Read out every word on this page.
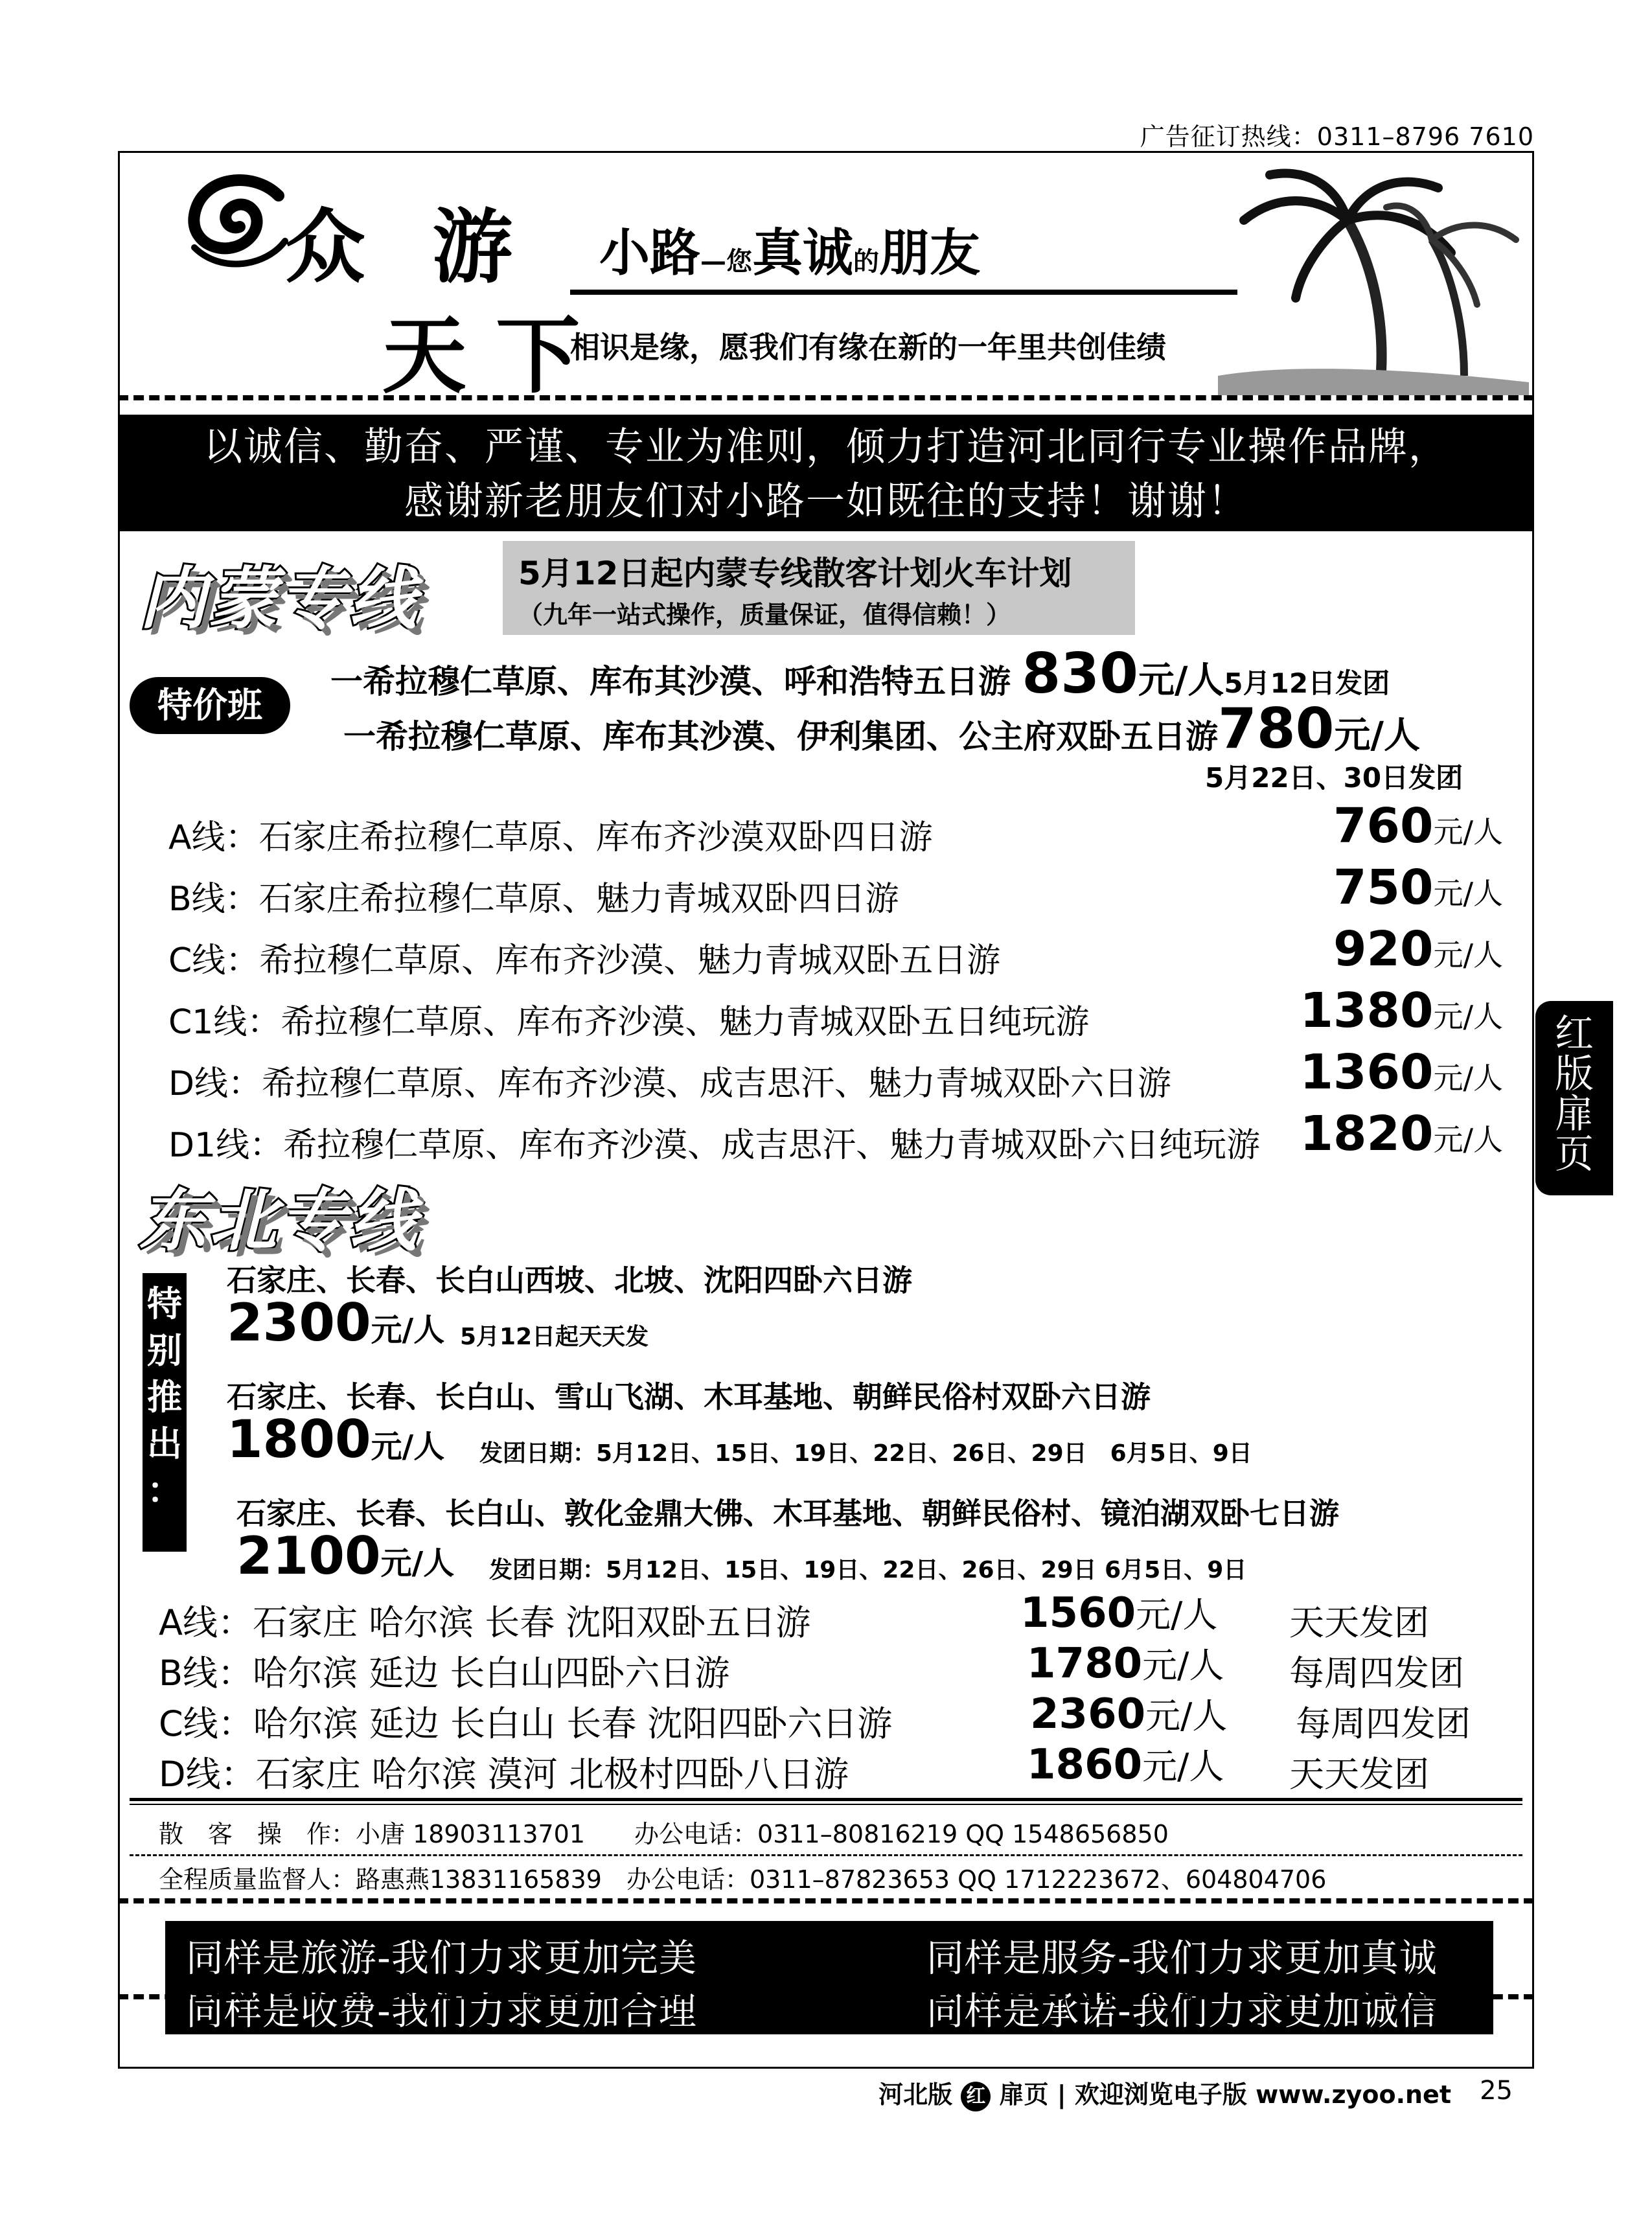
广告征订热线：0311–8796 7610
众 游
天 下
小路—您真诚的朋友
相识是缘，愿我们有缘在新的一年里共创佳绩
以诚信、勤奋、严谨、专业为准则，倾力打造河北同行专业操作品牌，
感谢新老朋友们对小路一如既往的支持！谢谢！
内蒙专线	5月12日起内蒙专线散客计划火车计划
（九年一站式操作，质量保证，值得信赖！）
特价班
一希拉穆仁草原、库布其沙漠、呼和浩特五日游 830元/人5月12日发团
一希拉穆仁草原、库布其沙漠、伊利集团、公主府双卧五日游780元/人
5月22日、30日发团
A线：石家庄希拉穆仁草原、库布齐沙漠双卧四日游	760元/人
B线：石家庄希拉穆仁草原、魅力青城双卧四日游	750元/人
C线：希拉穆仁草原、库布齐沙漠、魅力青城双卧五日游	920元/人
C1线：希拉穆仁草原、库布齐沙漠、魅力青城双卧五日纯玩游	1380元/人
D线：希拉穆仁草原、库布齐沙漠、成吉思汗、魅力青城双卧六日游	1360元/人
D1线：希拉穆仁草原、库布齐沙漠、成吉思汗、魅力青城双卧六日纯玩游 1820元/人
东北专线
特
别
推
出
：
石家庄、长春、长白山西坡、北坡、沈阳四卧六日游
2300元/人 5月12日起天天发
石家庄、长春、长白山、雪山飞湖、木耳基地、朝鲜民俗村双卧六日游
1800元/人 发团日期：5月12日、15日、19日、22日、26日、29日　6月5日、9日
石家庄、长春、长白山、敦化金鼎大佛、木耳基地、朝鲜民俗村、镜泊湖双卧七日游
2100元/人 发团日期：5月12日、15日、19日、22日、26日、29日 6月5日、9日
A线：石家庄 哈尔滨 长春 沈阳双卧五日游	1560元/人 天天发团
B线：哈尔滨 延边 长白山四卧六日游	1780元/人 每周四发团
C线：哈尔滨 延边 长白山 长春 沈阳四卧六日游	2360元/人 每周四发团
D线：石家庄 哈尔滨 漠河 北极村四卧八日游	1860元/人 天天发团
散　客　操　作：小唐 18903113701　　办公电话：0311–80816219 QQ 1548656850
全程质量监督人：路惠燕13831165839　办公电话：0311–87823653 QQ 1712223672、604804706
同样是旅游-我们力求更加完美	同样是服务-我们力求更加真诚
同样是收费-我们力求更加合理	同样是承诺-我们力求更加诚信
红
版
扉
页
河北版 红 扉页 | 欢迎浏览电子版 www.zyoo.net 25
